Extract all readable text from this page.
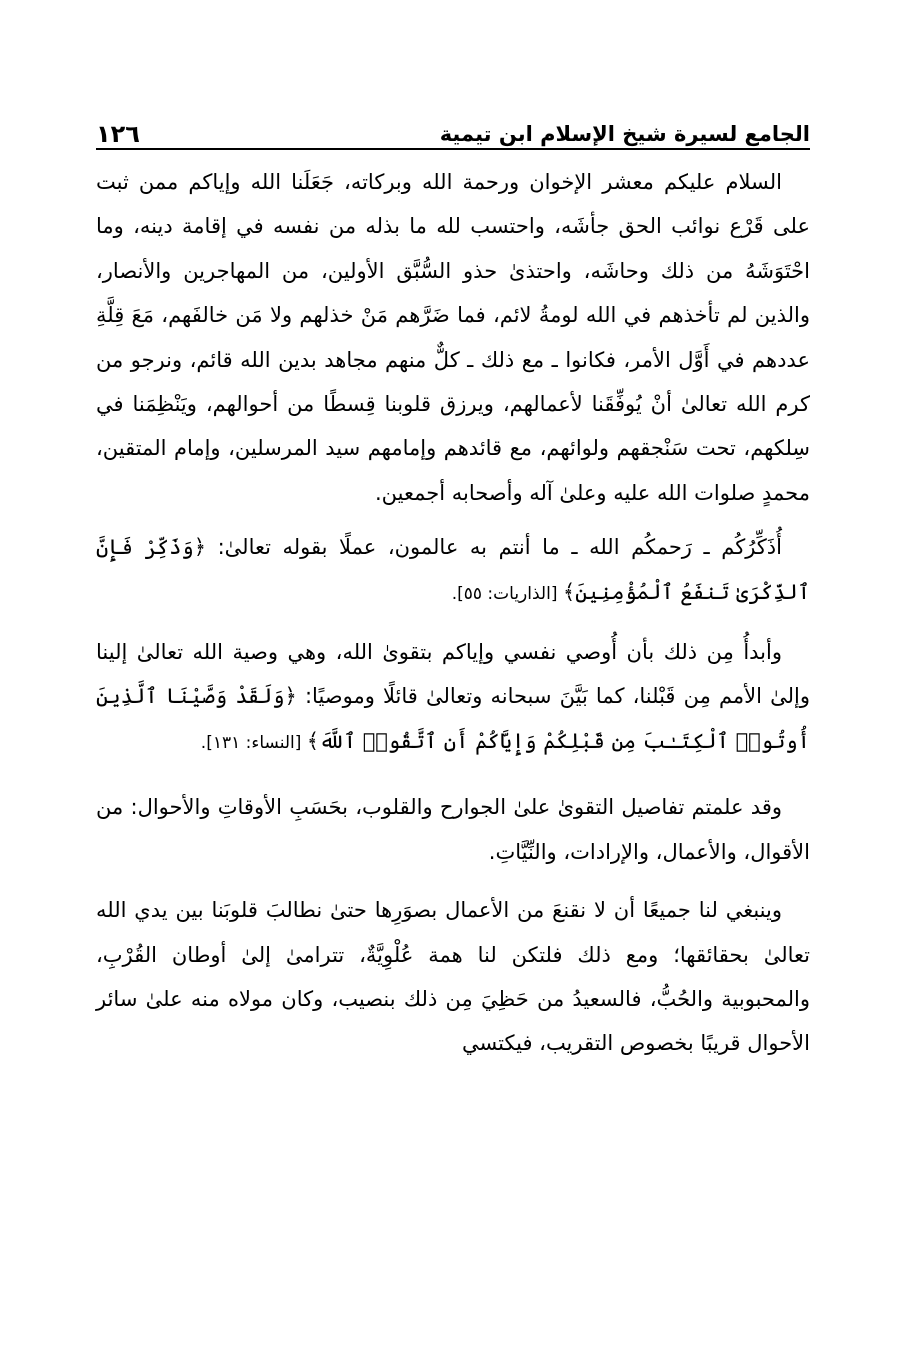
الجامع لسيرة شيخ الإسلام ابن تيمية
١٢٦

السلام عليكم معشر الإخوان ورحمة الله وبركاته، جَعَلَنا الله وإياكم ممن ثبت على قَرْع نوائب الحق جأشَه، واحتسب لله ما بذله من نفسه في إقامة دينه، وما احْتَوَشَهُ من ذلك وحاشَه، واحتذىٰ حذو السُّبَّق الأولين، من المهاجرين والأنصار، والذين لم تأخذهم في الله لومةُ لائم، فما ضَرَّهم مَنْ خذلهم ولا مَن خالفَهم، مَعَ قِلَّةِ عددهم في أَوَّل الأمر، فكانوا ـ مع ذلك ـ كلٌّ منهم مجاهد بدين الله قائم، ونرجو من كرم الله تعالىٰ أنْ يُوفِّقَنا لأعمالهم، ويرزق قلوبنا قِسطًا من أحوالهم، ويَنْظِمَنا في سِلكهم، تحت سَنْجقهم ولوائهم، مع قائدهم وإمامهم سيد المرسلين، وإمام المتقين، محمدٍ صلوات الله عليه وعلىٰ آله وأصحابه أجمعين.

أُذَكِّرُكُم ـ رَحمكُم الله ـ ما أنتم به عالمون، عملًا بقوله تعالىٰ: ﴿وَذَكِّرْ فَإِنَّ ٱلذِّكْرَىٰ تَنفَعُ ٱلْمُؤْمِنِينَ﴾ [الذاريات: ٥٥].

وأبدأُ مِن ذلك بأن أُوصي نفسي وإياكم بتقوىٰ الله، وهي وصية الله تعالىٰ إلينا وإلىٰ الأمم مِن قَبْلنا، كما بَيَّنَ سبحانه وتعالىٰ قائلًا وموصيًا: ﴿وَلَقَدْ وَصَّيْنَا ٱلَّذِينَ أُوتُوا۟ ٱلْكِتَـٰبَ مِن قَبْلِكُمْ وَإِيَّاكُمْ أَنِ ٱتَّقُوا۟ ٱللَّهَ﴾ [النساء: ١٣١].

وقد علمتم تفاصيل التقوىٰ علىٰ الجوارح والقلوب، بحَسَبِ الأوقاتِ والأحوال: من الأقوال، والأعمال، والإرادات، والنِّيَّاتِ.

وينبغي لنا جميعًا أن لا نقنعَ من الأعمال بصوَرِها حتىٰ نطالبَ قلوبَنا بين يدي الله تعالىٰ بحقائقها؛ ومع ذلك فلتكن لنا همة عُلْوِيَّةٌ، تترامىٰ إلىٰ أوطان القُرْبِ، والمحبوبية والحُبُّ، فالسعيدُ من حَظِيَ مِن ذلك بنصيب، وكان مولاه منه علىٰ سائر الأحوال قريبًا بخصوص التقريب، فيكتسي
